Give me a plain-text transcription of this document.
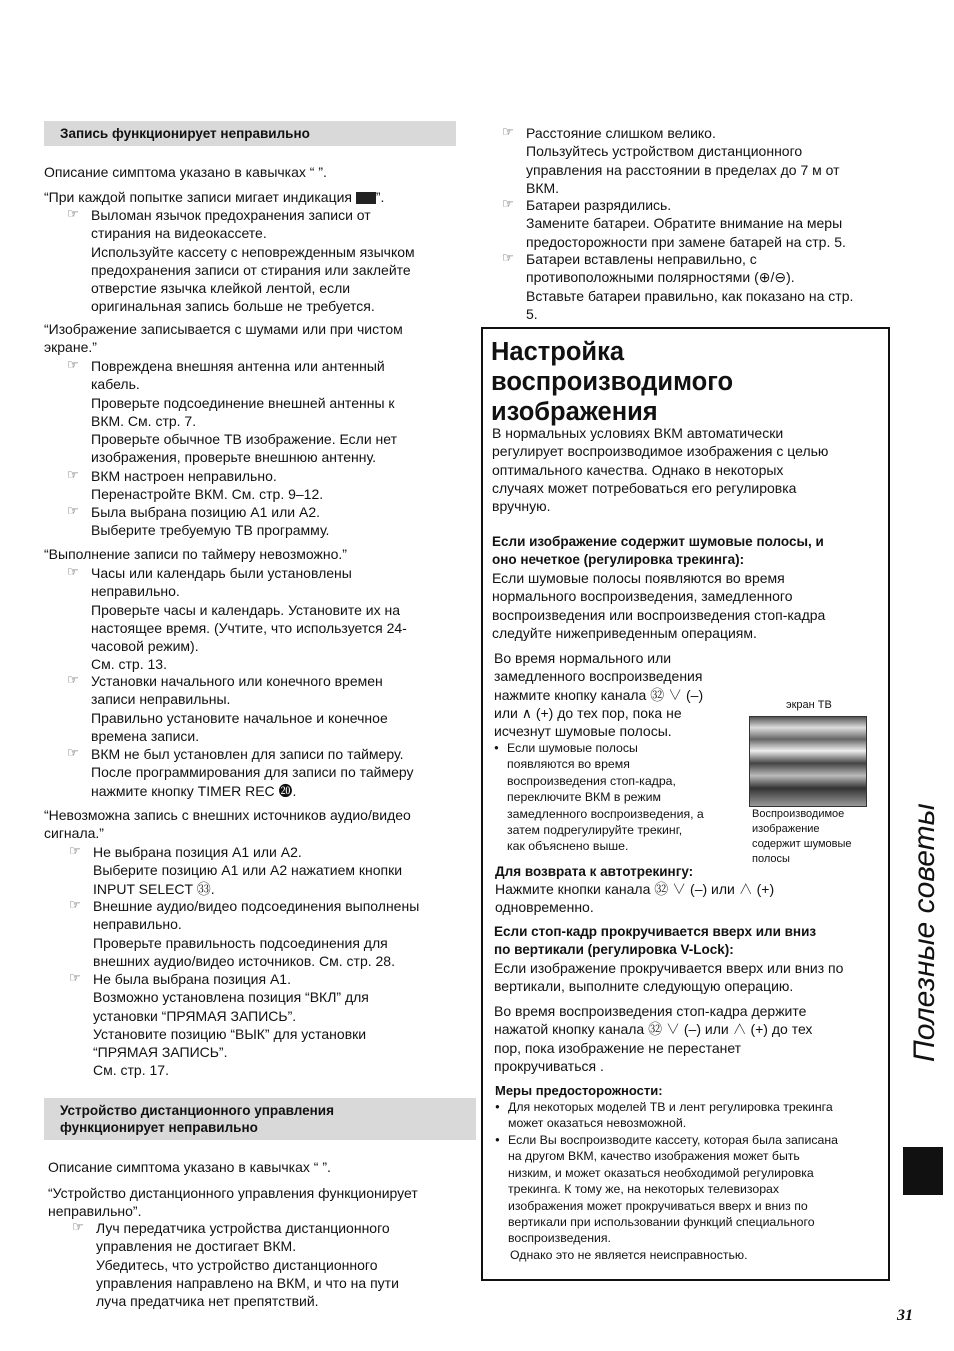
Запись функционирует неправильно
Описание симптома указано в кавычках “ ”.
“При каждой попытке записи мигает индикация ”.
Выломан язычок предохранения записи от
стирания на видеокассете.
Используйте кассету с неповрежденным язычком
предохранения записи от стирания или заклейте
отверстие язычка клейкой лентой, если
оригинальная запись больше не требуется.
☞
“Изображение записывается с шумами или при чистом
экране.”
Повреждена внешняя антенна или антенный
кабель.
Проверьте подсоединение внешней антенны к
ВКМ. См. стр. 7.
Проверьте обычное ТВ изображение. Если нет
изображения, проверьте внешнюю антенну.
☞
ВКМ настроен неправильно.
Перенастройте ВКМ. См. стр. 9–12.
☞
Была выбрана позицию А1 или А2.
Выберите требуемую ТВ программу.
☞
“Выполнение записи по таймеру невозможно.”
Часы или календарь были установлены
неправильно.
Проверьте часы и календарь. Установите их на
настоящее время. (Учтите, что используется 24-
часовой режим).
См. стр. 13.
☞
Установки начального или конечного времен
записи неправильны.
Правильно установите начальное и конечное
времена записи.
☞
ВКМ не был установлен для записи по таймеру.
После программирования для записи по таймеру
нажмите кнопку TIMER REC ⓴.
☞
“Невозможна запись с внешних источников аудио/видео
сигнала.”
Не выбрана позиция А1 или А2.
Выберите позицию А1 или А2 нажатием кнопки
INPUT SELECT ㉝.
☞
Внешние аудио/видео подсоединения выполнены
неправильно.
Проверьте правильность подсоединения для
внешних аудио/видео источников. См. стр. 28.
☞
Не была выбрана позиция А1.
Возможно установлена позиция “ВКЛ” для
установки “ПРЯМАЯ ЗАПИСЬ”.
Установите позицию “ВЫК” для установки
“ПРЯМАЯ ЗАПИСЬ”.
См. стр. 17.
☞
Описание симптома указано в кавычках “ ”.
“Устройство дистанционного управления функционирует
неправильно”.
Луч передатчика устройства дистанционного
управления не достигает ВКМ.
Убедитесь, что устройство дистанционного
управления направлено на ВКМ, и что на пути
луча предатчика нет препятствий.
☞
Устройство дистанционного управления
функционирует неправильно
Настройка
воспроизводимого
изображения
экран ТВ
Полезные советы
31
Расстояние слишком велико.
Пользуйтесь устройством дистанционного
управления на расстоянии в пределах до 7 м от
ВКМ.
☞
Батареи разрядились.
Замените батареи. Обратите внимание на меры
предосторожности при замене батарей на стр. 5.
☞
Батареи вставлены неправильно, с
противоположными полярностями (⊕/⊖).
Вставьте батареи правильно, как показано на стр.
5.
☞
В нормальных условиях ВКМ автоматически
регулирует воспроизводимое изображения с целью
оптимального качества. Однако в некоторых
случаях может потребоваться его регулировка
вручную.
Если изображение содержит шумовые полосы, и
оно нечеткое (регулировка трекинга):
Если шумовые полосы появляются во время
нормального воспроизведения, замедленного
воспроизведения или воспроизведения стоп-кадра
следуйте нижеприведенным операциям.
Во время нормального или
замедленного воспроизведения
нажмите кнопку канала ㉜ ∨ (–)
или ∧ (+) до тех пор, пока не
исчезнут шумовые полосы.
Воспроизводимое
изображение
содержит шумовые
полосы
● Если шумовые полосы
появляются во время
воспроизведения стоп-кадра,
переключите ВКМ в режим
замедленного воспроизведения, а
затем подрегулируйте трекинг,
как объяснено выше.
Для возврата к автотрекингу:
Нажмите кнопки канала ㉜ ∨ (–) или ∧ (+)
одновременно.
Если стоп-кадр прокручивается вверх или вниз
по вертикали (регулировка V-Lock):
Если изображение прокручивается вверх или вниз по
вертикали, выполните следующую операцию.
Во время воспроизведения стоп-кадра держите
нажатой кнопку канала ㉜ ∨ (–) или ∧ (+) до тех
пор, пока изображение не перестанет
прокручиваться .
Меры предосторожности:
● Для некоторых моделей ТВ и лент регулировка трекинга
может оказаться невозможной.
● Если Вы воспроизводите кассету, которая была записана
на другом ВКМ, качество изображения может быть
низким, и может оказаться необходимой регулировка
трекинга. К тому же, на некоторых телевизорах
изображения может прокручиваться вверх и вниз по
вертикали при использовании функций специального
воспроизведения.
Однако это не является неисправностью.
